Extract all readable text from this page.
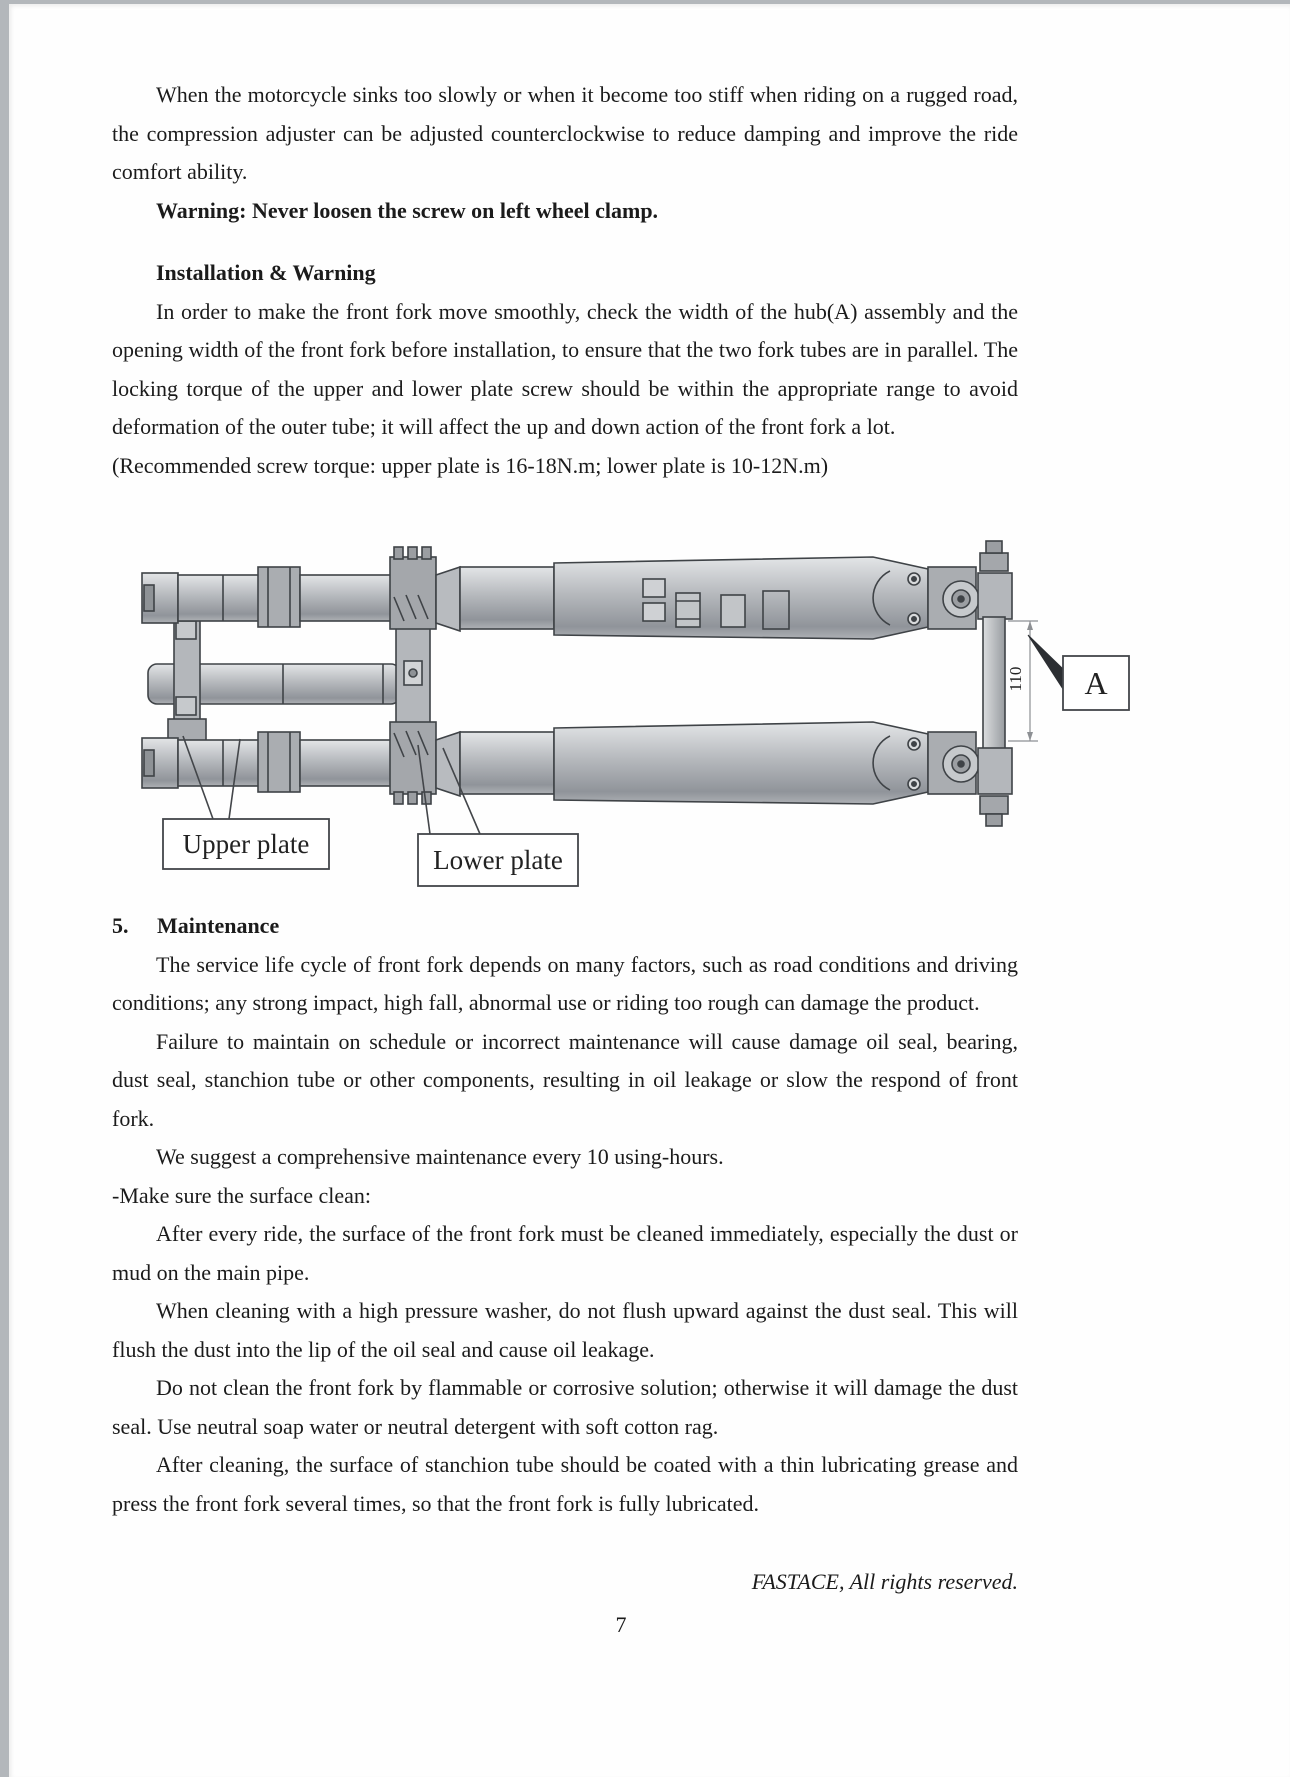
When the motorcycle sinks too slowly or when it become too stiff when riding on a rugged road, the compression adjuster can be adjusted counterclockwise to reduce damping and improve the ride comfort ability.

Warning: Never loosen the screw on left wheel clamp.

Installation & Warning

In order to make the front fork move smoothly, check the width of the hub(A) assembly and the opening width of the front fork before installation, to ensure that the two fork tubes are in parallel. The locking torque of the upper and lower plate screw should be within the appropriate range to avoid deformation of the outer tube; it will affect the up and down action of the front fork a lot.

(Recommended screw torque: upper plate is 16-18N.m; lower plate is 10-12N.m)

110 A
Upper plate
Lower plate
5.	Maintenance

The service life cycle of front fork depends on many factors, such as road conditions and driving conditions; any strong impact, high fall, abnormal use or riding too rough can damage the product.

Failure to maintain on schedule or incorrect maintenance will cause damage oil seal, bearing, dust seal, stanchion tube or other components, resulting in oil leakage or slow the respond of front fork.

We suggest a comprehensive maintenance every 10 using-hours.

-Make sure the surface clean:

After every ride, the surface of the front fork must be cleaned immediately, especially the dust or mud on the main pipe.

When cleaning with a high pressure washer, do not flush upward against the dust seal. This will flush the dust into the lip of the oil seal and cause oil leakage.

Do not clean the front fork by flammable or corrosive solution; otherwise it will damage the dust seal. Use neutral soap water or neutral detergent with soft cotton rag.

After cleaning, the surface of stanchion tube should be coated with a thin lubricating grease and press the front fork several times, so that the front fork is fully lubricated.

FASTACE, All rights reserved.
7
